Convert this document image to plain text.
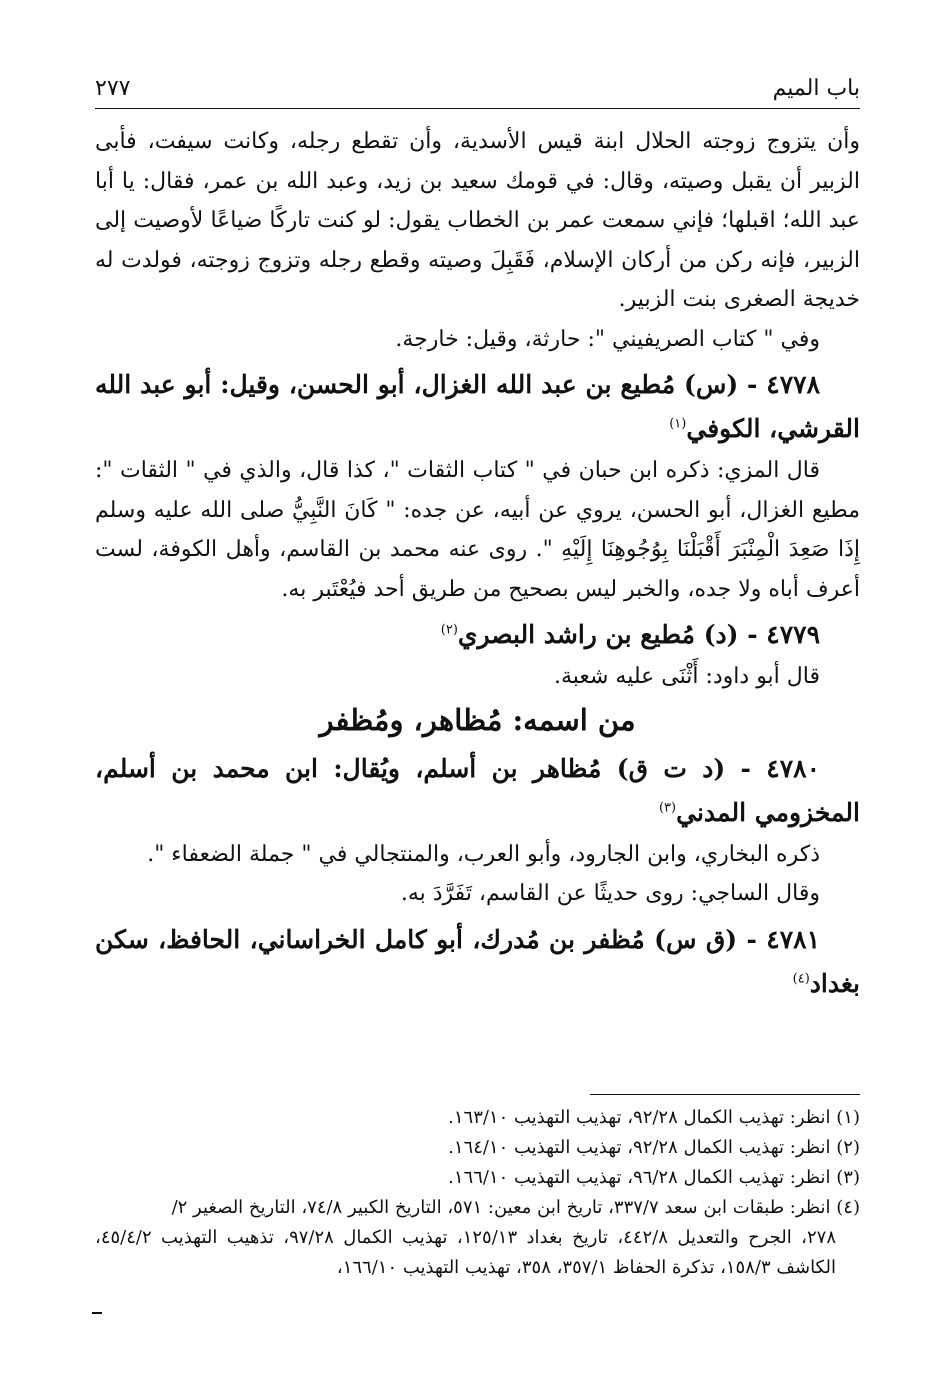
باب الميم
٢٧٧

وأن يتزوج زوجته الحلال ابنة قيس الأسدية، وأن تقطع رجله، وكانت سيفت، فأبى الزبير أن يقبل وصيته، وقال: في قومك سعيد بن زيد، وعبد الله بن عمر، فقال: يا أبا عبد الله؛ اقبلها؛ فإني سمعت عمر بن الخطاب يقول: لو كنت تاركًا ضياعًا لأوصيت إلى الزبير، فإنه ركن من أركان الإسلام، فَقَبِلَ وصيته وقطع رجله وتزوج زوجته، فولدت له خديجة الصغرى بنت الزبير.

وفي " كتاب الصريفيني ": حارثة، وقيل: خارجة.

٤٧٧٨ - (س) مُطيع بن عبد الله الغزال، أبو الحسن، وقيل: أبو عبد الله القرشي، الكوفي$^{(١)}$

قال المزي: ذكره ابن حبان في " كتاب الثقات "، كذا قال، والذي في " الثقات ": مطيع الغزال، أبو الحسن، يروي عن أبيه، عن جده: " كَانَ النَّبِيُّ صلى الله عليه وسلم إِذَا صَعِدَ الْمِنْبَرَ أَقْبَلْنَا بِوُجُوهِنَا إِلَيْهِ ". روى عنه محمد بن القاسم، وأهل الكوفة، لست أعرف أباه ولا جده، والخبر ليس بصحيح من طريق أحد فيُعْتَبر به.

٤٧٧٩ - (د) مُطيع بن راشد البصري$^{(٢)}$

قال أبو داود: أَثْنَى عليه شعبة.

من اسمه: مُظاهر، ومُظفر

٤٧٨٠ - (د ت ق) مُظاهر بن أسلم، ويُقال: ابن محمد بن أسلم، المخزومي المدني$^{(٣)}$

ذكره البخاري، وابن الجارود، وأبو العرب، والمنتجالي في " جملة الضعفاء ".

وقال الساجي: روى حديثًا عن القاسم، تَفَرَّدَ به.

٤٧٨١ - (ق س) مُظفر بن مُدرك، أبو كامل الخراساني، الحافظ، سكن بغداد$^{(٤)}$

(١) انظر: تهذيب الكمال ٩٢/٢٨، تهذيب التهذيب ١٦٣/١٠.

(٢) انظر: تهذيب الكمال ٩٢/٢٨، تهذيب التهذيب ١٦٤/١٠.

(٣) انظر: تهذيب الكمال ٩٦/٢٨، تهذيب التهذيب ١٦٦/١٠.

(٤) انظر: طبقات ابن سعد ٣٣٧/٧، تاريخ ابن معين: ٥٧١، التاريخ الكبير ٧٤/٨، التاريخ الصغير ٢/

٢٧٨، الجرح والتعديل ٤٤٢/٨، تاريخ بغداد ١٢٥/١٣، تهذيب الكمال ٩٧/٢٨، تذهيب التهذيب ٤٥/٤/٢، الكاشف ١٥٨/٣، تذكرة الحفاظ ٣٥٧/١، ٣٥٨، تهذيب التهذيب ١٦٦/١٠،
